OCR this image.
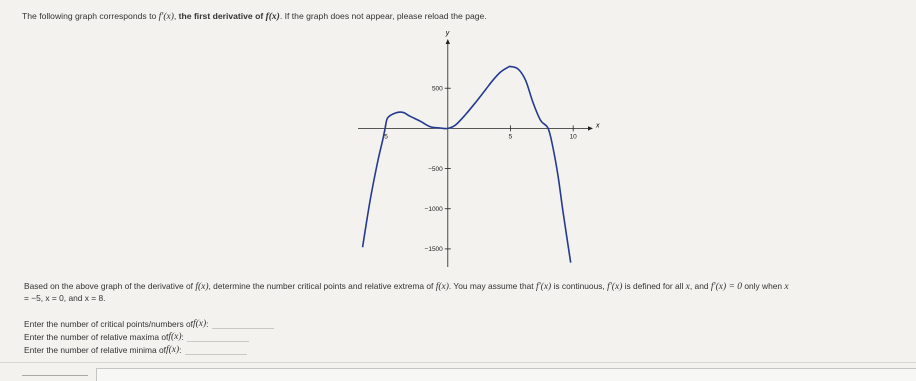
The following graph corresponds to f′(x), the first derivative of f(x). If the graph does not appear, please reload the page.
5	10
5
500
−500
−1000
−1500
x
y
Based on the above graph of the derivative of f(x), determine the number critical points and relative extrema of f(x). You may assume that f′(x) is continuous, f′(x) is defined for all x, and f′(x) = 0 only when x
= −5, x = 0, and x = 8.
Enter the number of critical points/numbers of f(x) :
Enter the number of relative maxima of f(x) :
Enter the number of relative minima of f(x) :
